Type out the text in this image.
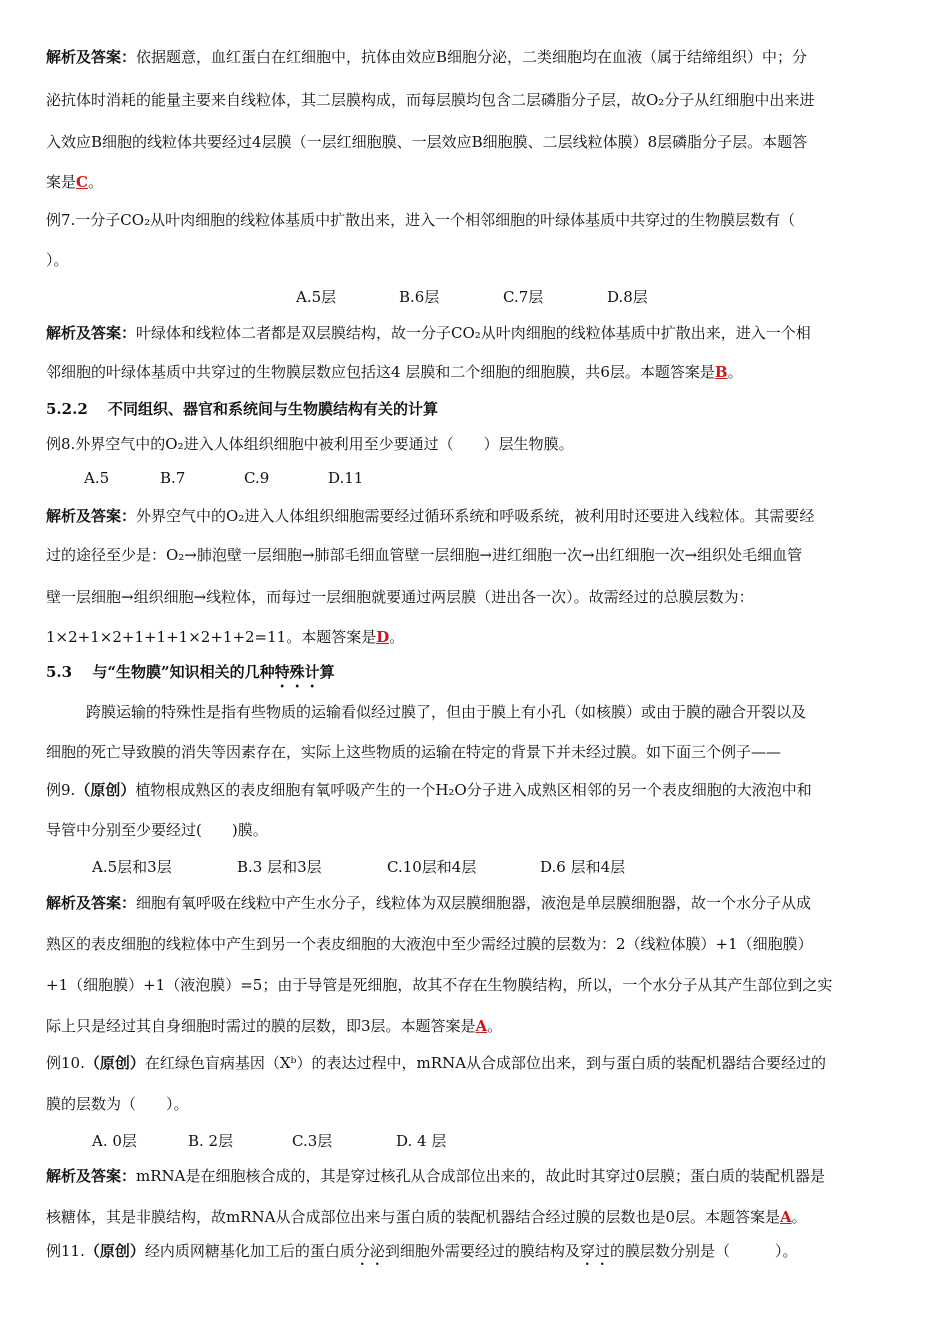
解析及答案：依据题意，血红蛋白在红细胞中，抗体由效应B细胞分泌，二类细胞均在血液（属于结缔组织）中；分
泌抗体时消耗的能量主要来自线粒体，其二层膜构成，而每层膜均包含二层磷脂分子层，故O₂分子从红细胞中出来进
入效应B细胞的线粒体共要经过4层膜（一层红细胞膜、一层效应B细胞膜、二层线粒体膜）8层磷脂分子层。本题答
案是C。
例7.一分子CO₂从叶肉细胞的线粒体基质中扩散出来，进入一个相邻细胞的叶绿体基质中共穿过的生物膜层数有（
）。
A.5层	B.6层	C.7层	D.8层
解析及答案：叶绿体和线粒体二者都是双层膜结构，故一分子CO₂从叶肉细胞的线粒体基质中扩散出来，进入一个相
邻细胞的叶绿体基质中共穿过的生物膜层数应包括这4 层膜和二个细胞的细胞膜，共6层。本题答案是B。
5.2.2　 不同组织、器官和系统间与生物膜结构有关的计算
例8.外界空气中的O₂进入人体组织细胞中被利用至少要通过（　　）层生物膜。
A.5	B.7	C.9	D.11
解析及答案：外界空气中的O₂进入人体组织细胞需要经过循环系统和呼吸系统，被利用时还要进入线粒体。其需要经
过的途径至少是：O₂→肺泡壁一层细胞→肺部毛细血管壁一层细胞→进红细胞一次→出红细胞一次→组织处毛细血管
壁一层细胞→组织细胞→线粒体，而每过一层细胞就要通过两层膜（进出各一次）。故需经过的总膜层数为：
1×2+1×2+1+1+1×2+1+2=11。本题答案是D。
5.3　 与“生物膜”知识相关的几种特殊计算
跨膜运输的特殊性是指有些物质的运输看似经过膜了，但由于膜上有小孔（如核膜）或由于膜的融合开裂以及
细胞的死亡导致膜的消失等因素存在，实际上这些物质的运输在特定的背景下并未经过膜。如下面三个例子——
例9.（原创）植物根成熟区的表皮细胞有氧呼吸产生的一个H₂O分子进入成熟区相邻的另一个表皮细胞的大液泡中和
导管中分别至少要经过(　　)膜。
A.5层和3层	B.3 层和3层	C.10层和4层	D.6 层和4层
解析及答案：细胞有氧呼吸在线粒中产生水分子，线粒体为双层膜细胞器，液泡是单层膜细胞器，故一个水分子从成
熟区的表皮细胞的线粒体中产生到另一个表皮细胞的大液泡中至少需经过膜的层数为：2（线粒体膜）+1（细胞膜）
+1（细胞膜）+1（液泡膜）=5；由于导管是死细胞，故其不存在生物膜结构，所以，一个水分子从其产生部位到之实
际上只是经过其自身细胞时需过的膜的层数，即3层。本题答案是A。
例10.（原创）在红绿色盲病基因（Xᵇ）的表达过程中，mRNA从合成部位出来，到与蛋白质的装配机器结合要经过的
膜的层数为（　　）。
A. 0层	B. 2层	C.3层	D. 4 层
解析及答案：mRNA是在细胞核合成的，其是穿过核孔从合成部位出来的，故此时其穿过0层膜；蛋白质的装配机器是
核糖体，其是非膜结构，故mRNA从合成部位出来与蛋白质的装配机器结合经过膜的层数也是0层。本题答案是A。
例11.（原创）经内质网糖基化加工后的蛋白质分泌到细胞外需要经过的膜结构及穿过的膜层数分别是（　　　）。
